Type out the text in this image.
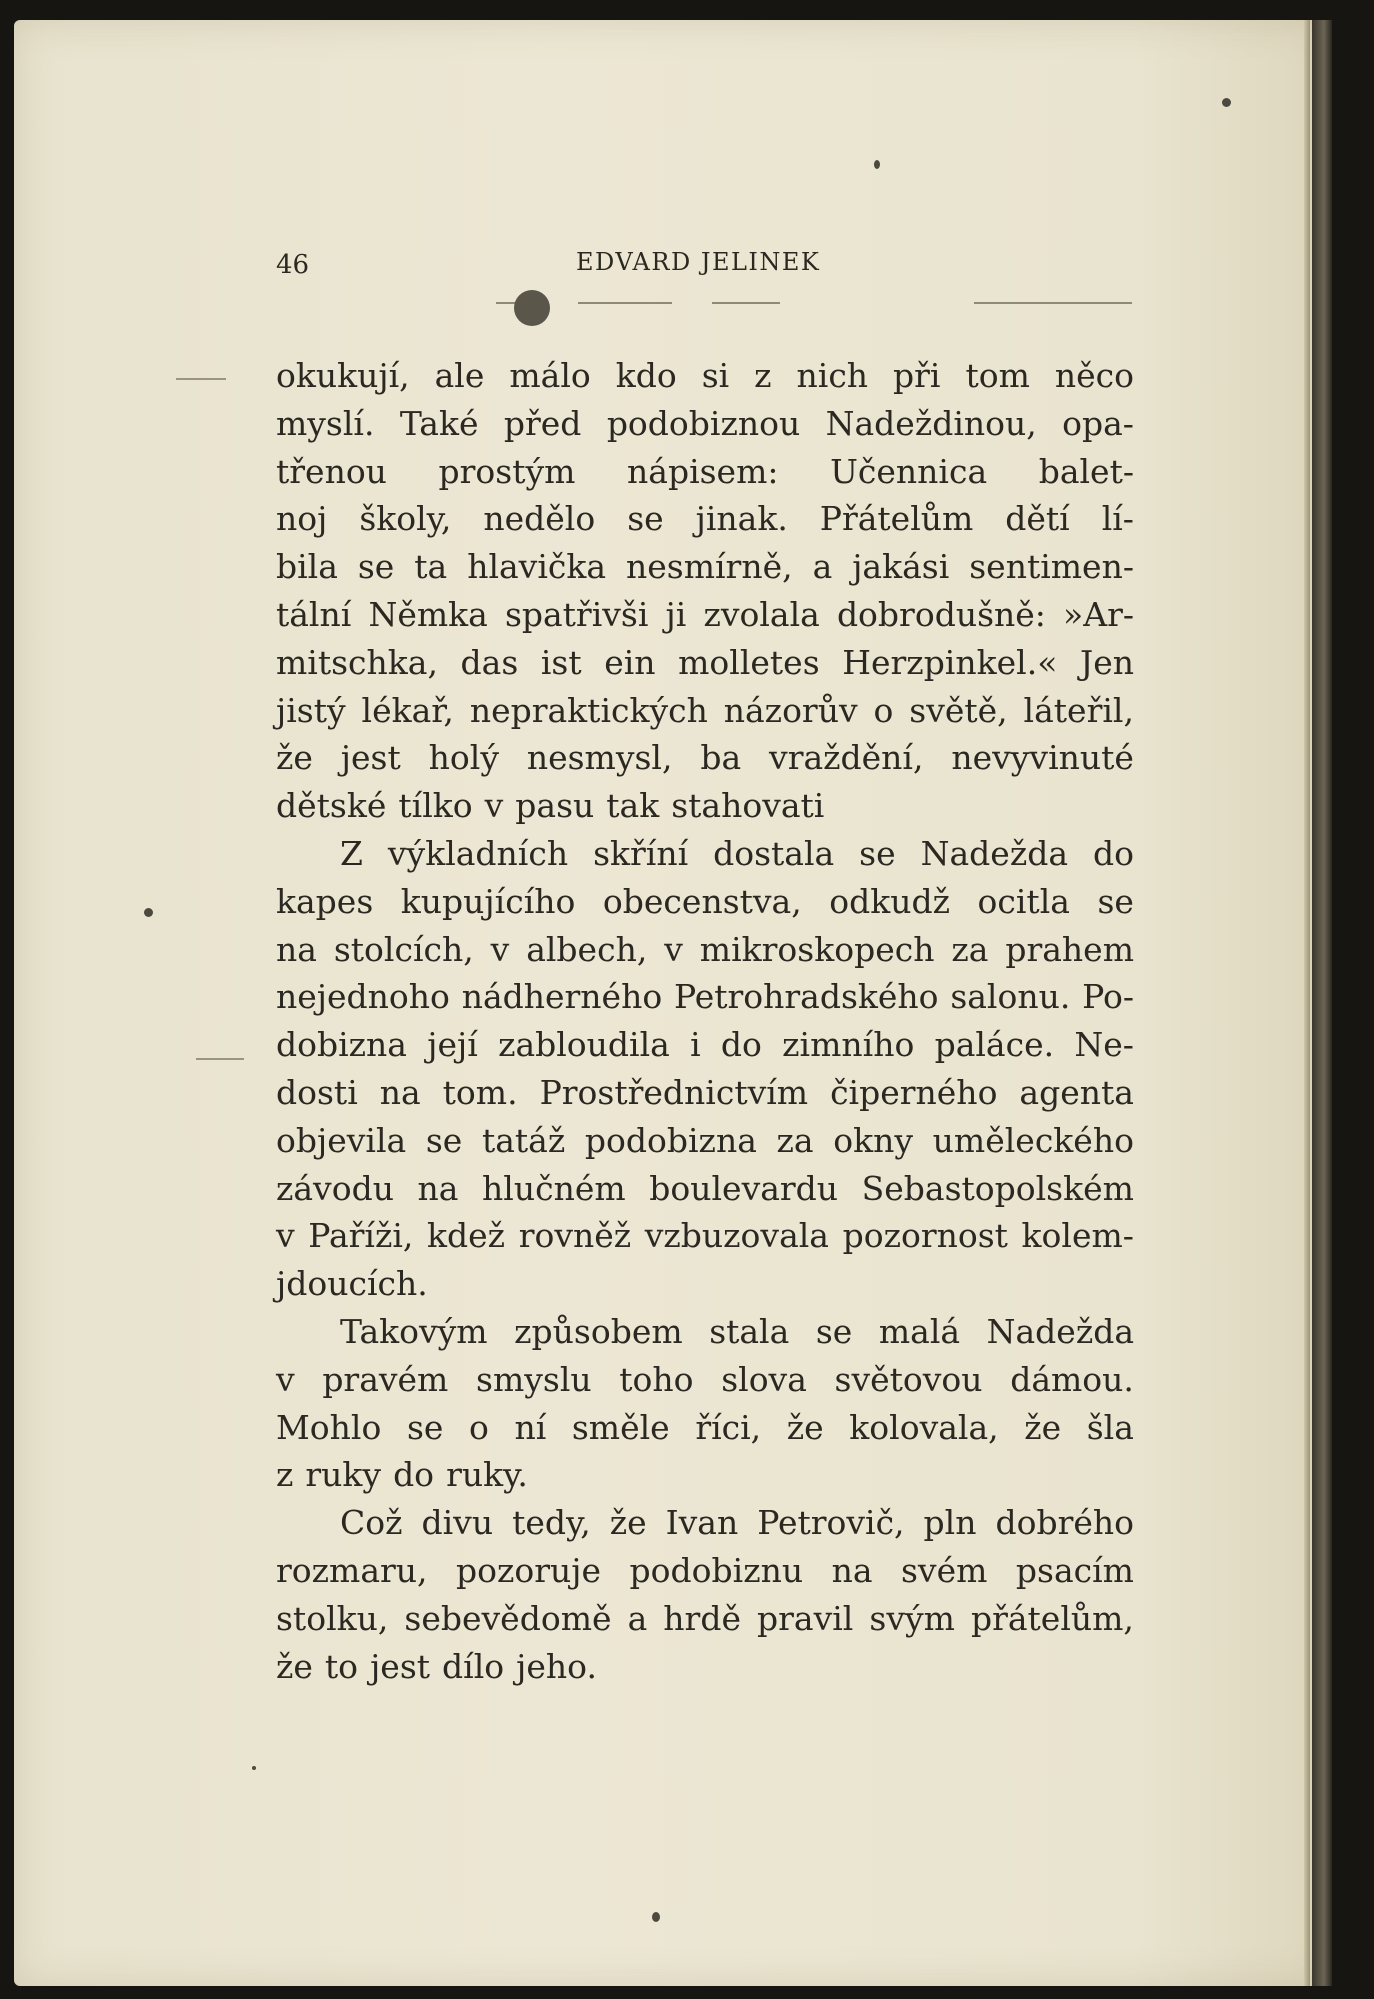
46	EDVARD JELINEK
okukují, ale málo kdo si z nich při tom něco
myslí. Také před podobiznou Nadeždinou, opa-
třenou prostým nápisem: Učennica balet-
noj školy, nedělo se jinak. Přátelům dětí lí-
bila se ta hlavička nesmírně, a jakási sentimen-
tální Němka spatřivši ji zvolala dobrodušně: »Ar-
mitschka, das ist ein molletes Herzpinkel.« Jen
jistý lékař, nepraktických názorův o světě, láteřil,
že jest holý nesmysl, ba vraždění, nevyvinuté
dětské tílko v pasu tak stahovati
Z výkladních skříní dostala se Nadežda do
kapes kupujícího obecenstva, odkudž ocitla se
na stolcích, v albech, v mikroskopech za prahem
nejednoho nádherného Petrohradského salonu. Po-
dobizna její zabloudila i do zimního paláce. Ne-
dosti na tom. Prostřednictvím čiperného agenta
objevila se tatáž podobizna za okny uměleckého
závodu na hlučném boulevardu Sebastopolském
v Paříži, kdež rovněž vzbuzovala pozornost kolem-
jdoucích.
Takovým způsobem stala se malá Nadežda
v pravém smyslu toho slova světovou dámou.
Mohlo se o ní směle říci, že kolovala, že šla
z ruky do ruky.
Což divu tedy, že Ivan Petrovič, pln dobrého
rozmaru, pozoruje podobiznu na svém psacím
stolku, sebevědomě a hrdě pravil svým přátelům,
že to jest dílo jeho.
